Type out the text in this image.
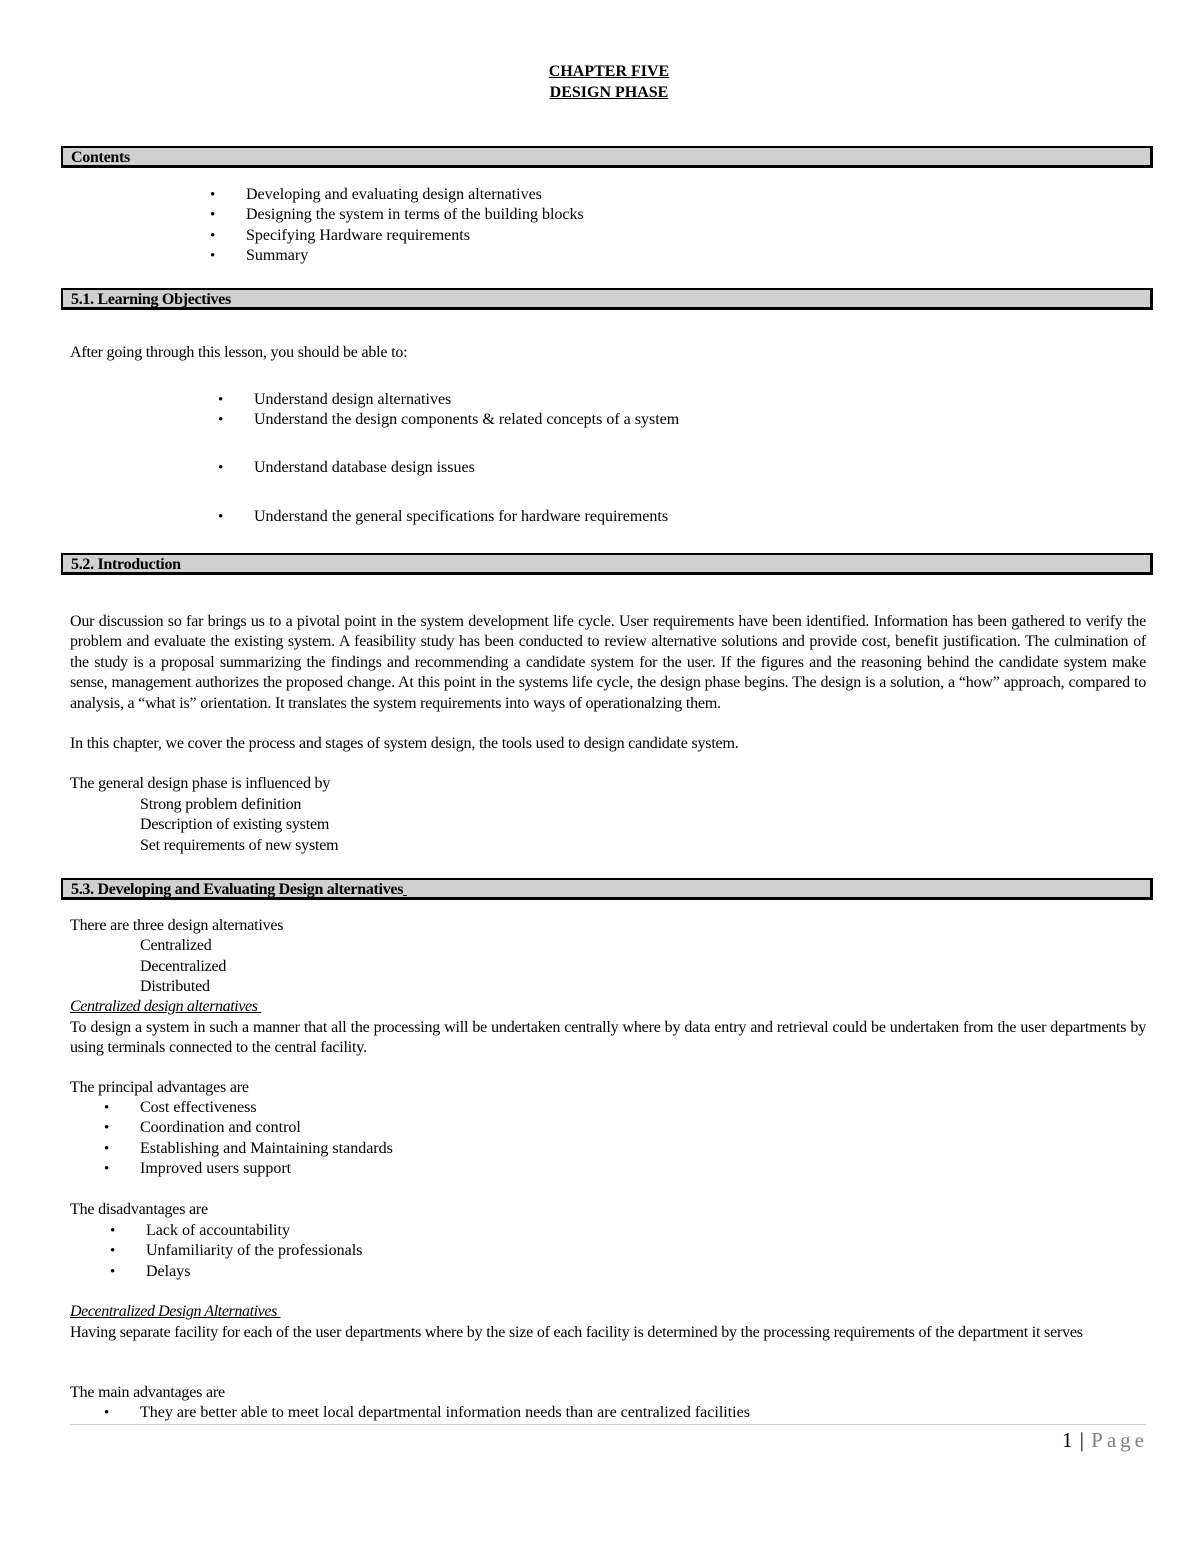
CHAPTER FIVE
DESIGN PHASE
Contents
• Developing and evaluating design alternatives
• Designing the system in terms of the building blocks
• Specifying Hardware requirements
• Summary
5.1. Learning Objectives
After going through this lesson, you should be able to:
• Understand design alternatives
• Understand the design components & related concepts of a system
• Understand database design issues
• Understand the general specifications for hardware requirements
5.2. Introduction
Our discussion so far brings us to a pivotal point in the system development life cycle. User requirements have been identified. Information has been gathered to verify the problem and evaluate the existing system. A feasibility study has been conducted to review alternative solutions and provide cost, benefit justification. The culmination of the study is a proposal summarizing the findings and recommending a candidate system for the user. If the figures and the reasoning behind the candidate system make sense, management authorizes the proposed change. At this point in the systems life cycle, the design phase begins. The design is a solution, a “how” approach, compared to analysis, a “what is” orientation. It translates the system requirements into ways of operationalzing them.
In this chapter, we cover the process and stages of system design, the tools used to design candidate system.
The general design phase is influenced by
Strong problem definition
Description of existing system
Set requirements of new system
5.3. Developing and Evaluating Design alternatives
There are three design alternatives
Centralized
Decentralized
Distributed
Centralized design alternatives
To design a system in such a manner that all the processing will be undertaken centrally where by data entry and retrieval could be undertaken from the user departments by using terminals connected to the central facility.
The principal advantages are
• Cost effectiveness
• Coordination and control
• Establishing and Maintaining standards
• Improved users support
The disadvantages are
• Lack of accountability
• Unfamiliarity of the professionals
• Delays
Decentralized Design Alternatives
Having separate facility for each of the user departments where by the size of each facility is determined by the processing requirements of the department it serves
The main advantages are
• They are better able to meet local departmental information needs than are centralized facilities
1 | Page
